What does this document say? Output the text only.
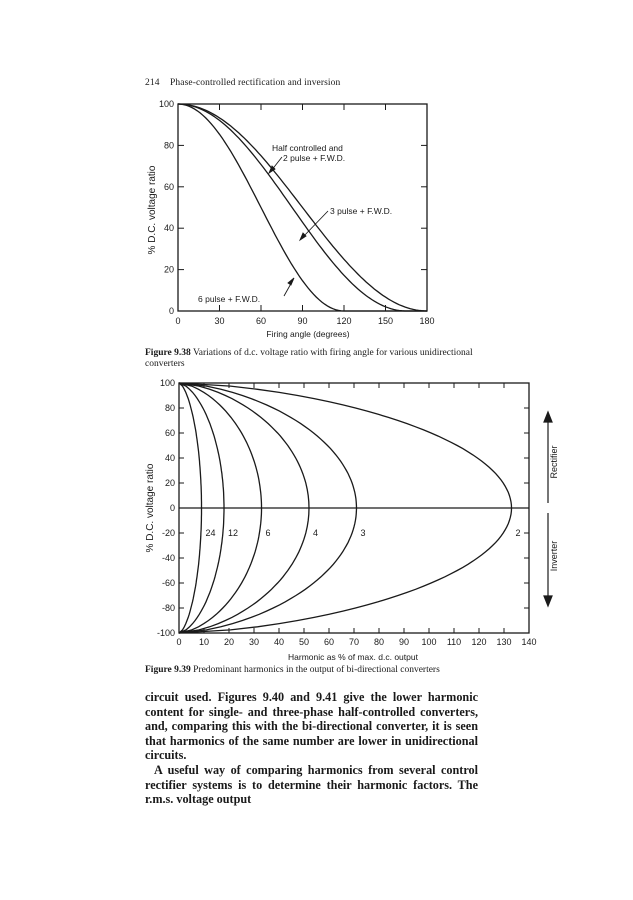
214 Phase-controlled rectification and inversion
0	30	60	90	120	150	180
0
20
40
60
80
100
Firing angle (degrees)
% D.C. voltage ratio
Half controlled and
2 pulse + F.W.D.
3 pulse + F.W.D.
6 pulse + F.W.D.
Figure 9.38 Variations of d.c. voltage ratio with firing angle for various unidirectional converters
0 10 20 30 40 50 60 70 80 90 100 110 120 130 140
100
80
60
40
20
0
-20
-40
-60
-80
-100
2
3
4
6
12
24
Harmonic as % of max. d.c. output
% D.C. voltage ratio
Rectifier
Inverter
Figure 9.39 Predominant harmonics in the output of bi-directional converters

circuit used. Figures 9.40 and 9.41 give the lower harmonic content for single- and three-phase half-controlled converters, and, comparing this with the bi-directional converter, it is seen that harmonics of the same number are lower in unidirectional circuits.

A useful way of comparing harmonics from several control rectifier systems is to determine their harmonic factors. The r.m.s. voltage output
